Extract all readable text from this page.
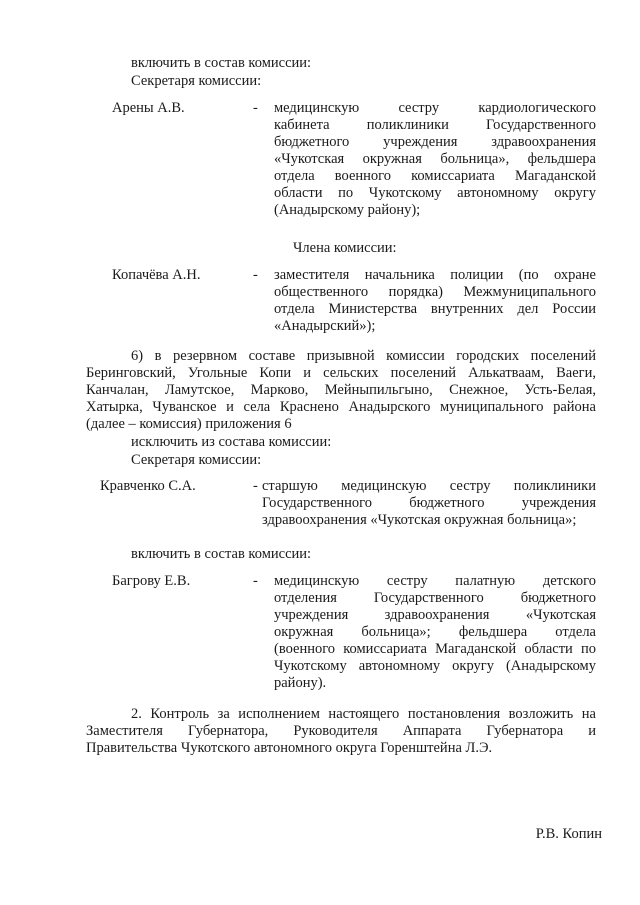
включить в состав комиссии:
Секретаря комиссии:
Арены А.В.	- медицинскую сестру кардиологического
кабинета поликлиники Государственного
бюджетного учреждения здравоохранения
«Чукотская окружная больница», фельдшера
отдела военного комиссариата Магаданской
области по Чукотскому автономному округу
(Анадырскому району);
Члена комиссии:
Копачёва А.Н.	- заместителя начальника полиции (по охране
общественного порядка) Межмуниципального
отдела Министерства внутренних дел России
«Анадырский»);
6) в резервном составе призывной комиссии городских поселений
Беринговский, Угольные Копи и сельских поселений Алькатваам, Ваеги,
Канчалан, Ламутское, Марково, Мейныпильгыно, Снежное, Усть-Белая,
Хатырка, Чуванское и села Краснено Анадырского муниципального района
(далее – комиссия) приложения 6
исключить из состава комиссии:
Секретаря комиссии:
Кравченко С.А.	- старшую медицинскую сестру поликлиники
Государственного бюджетного учреждения
здравоохранения «Чукотская окружная больница»;
включить в состав комиссии:
Багрову Е.В.	- медицинскую сестру палатную детского
отделения Государственного бюджетного
учреждения здравоохранения «Чукотская
окружная больница»; фельдшера отдела
(военного комиссариата Магаданской области по
Чукотскому автономному округу (Анадырскому
району).
2. Контроль за исполнением настоящего постановления возложить на
Заместителя Губернатора, Руководителя Аппарата Губернатора и
Правительства Чукотского автономного округа Горенштейна Л.Э.
Р.В. Копин
